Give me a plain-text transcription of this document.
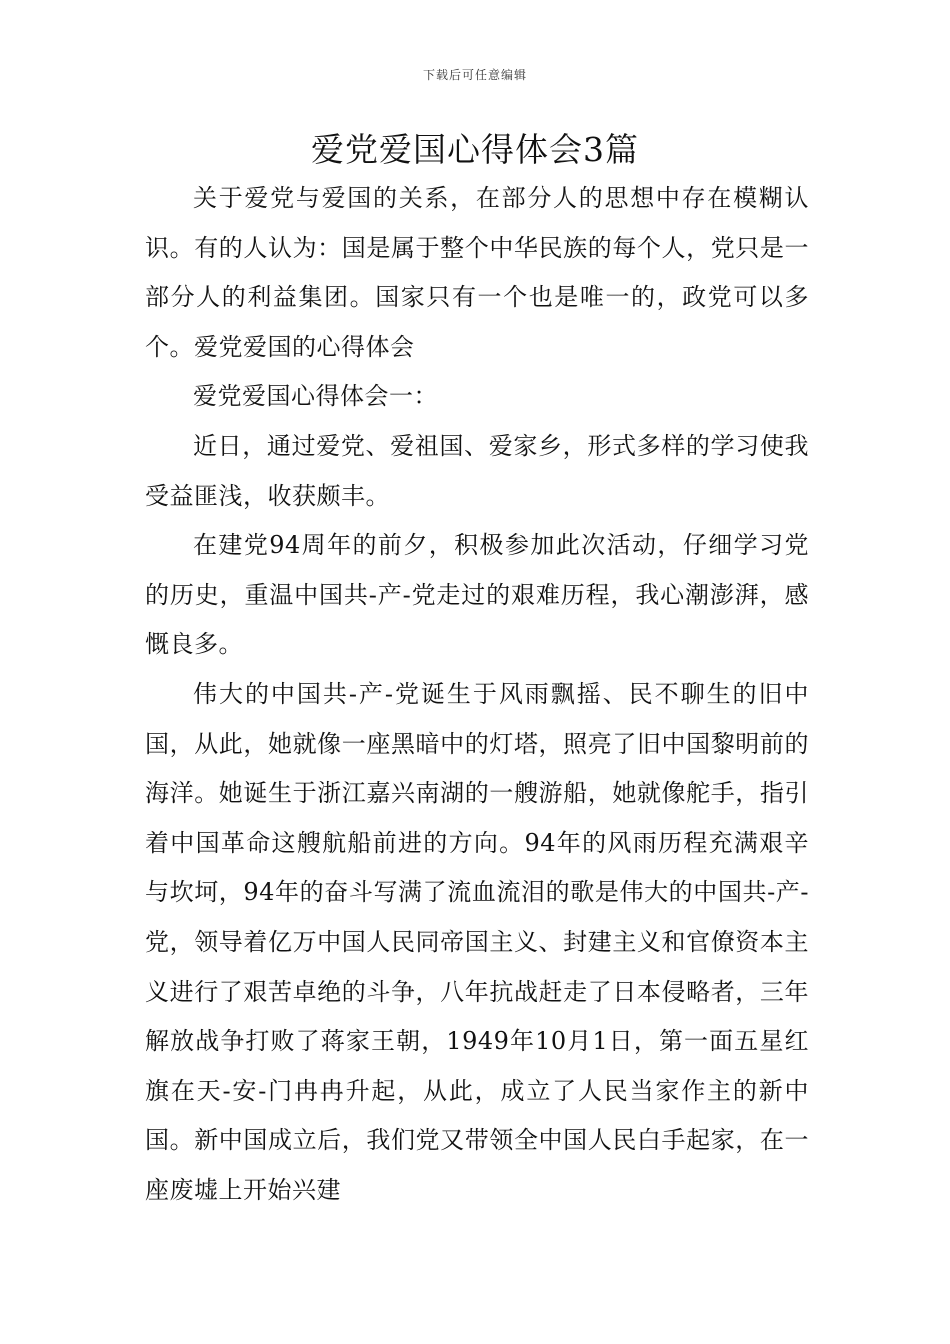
下载后可任意编辑
爱党爱国心得体会3篇

关于爱党与爱国的关系，在部分人的思想中存在模糊认识。有的人认为：国是属于整个中华民族的每个人，党只是一部分人的利益集团。国家只有一个也是唯一的，政党可以多个。爱党爱国的心得体会

爱党爱国心得体会一：

近日，通过爱党、爱祖国、爱家乡，形式多样的学习使我受益匪浅，收获颇丰。

在建党94周年的前夕，积极参加此次活动，仔细学习党的历史，重温中国共-产-党走过的艰难历程，我心潮澎湃，感慨良多。

伟大的中国共-产-党诞生于风雨飘摇、民不聊生的旧中国，从此，她就像一座黑暗中的灯塔，照亮了旧中国黎明前的海洋。她诞生于浙江嘉兴南湖的一艘游船，她就像舵手，指引着中国革命这艘航船前进的方向。94年的风雨历程充满艰辛与坎坷，94年的奋斗写满了流血流泪的歌是伟大的中国共-产-党，领导着亿万中国人民同帝国主义、封建主义和官僚资本主义进行了艰苦卓绝的斗争，八年抗战赶走了日本侵略者，三年解放战争打败了蒋家王朝，1949年10月1日，第一面五星红旗在天-安-门冉冉升起，从此，成立了人民当家作主的新中国。新中国成立后，我们党又带领全中国人民白手起家，在一座废墟上开始兴建
